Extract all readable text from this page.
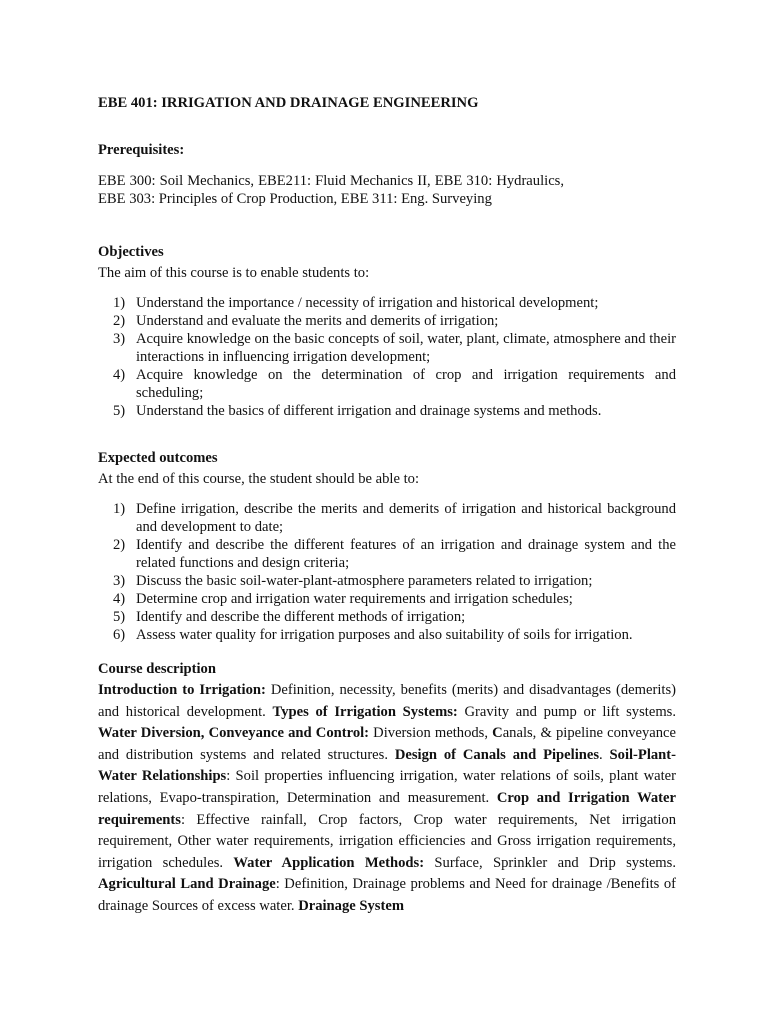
EBE 401: IRRIGATION AND DRAINAGE ENGINEERING
Prerequisites:
EBE 300: Soil Mechanics, EBE211: Fluid Mechanics II, EBE 310: Hydraulics, EBE 303: Principles of Crop Production, EBE 311: Eng. Surveying
Objectives
The aim of this course is to enable students to:
1) Understand the importance / necessity of irrigation and historical development;
2) Understand and evaluate the merits and demerits of irrigation;
3) Acquire knowledge on the basic concepts of soil, water, plant, climate, atmosphere and their interactions in influencing irrigation development;
4) Acquire knowledge on the determination of crop and irrigation requirements and scheduling;
5) Understand the basics of different irrigation and drainage systems and methods.
Expected outcomes
At the end of this course, the student should be able to:
1) Define irrigation, describe the merits and demerits of irrigation and historical background and development to date;
2) Identify and describe the different features of an irrigation and drainage system and the related functions and design criteria;
3) Discuss the basic soil-water-plant-atmosphere parameters related to irrigation;
4) Determine crop and irrigation water requirements and irrigation schedules;
5) Identify and describe the different methods of irrigation;
6) Assess water quality for irrigation purposes and also suitability of soils for irrigation.
Course description

Introduction to Irrigation: Definition, necessity, benefits (merits) and disadvantages (demerits) and historical development. Types of Irrigation Systems: Gravity and pump or lift systems. Water Diversion, Conveyance and Control: Diversion methods, Canals, & pipeline conveyance and distribution systems and related structures. Design of Canals and Pipelines. Soil-Plant-Water Relationships: Soil properties influencing irrigation, water relations of soils, plant water relations, Evapo-transpiration, Determination and measurement. Crop and Irrigation Water requirements: Effective rainfall, Crop factors, Crop water requirements, Net irrigation requirement, Other water requirements, irrigation efficiencies and Gross irrigation requirements, irrigation schedules. Water Application Methods: Surface, Sprinkler and Drip systems. Agricultural Land Drainage: Definition, Drainage problems and Need for drainage /Benefits of drainage Sources of excess water. Drainage System
